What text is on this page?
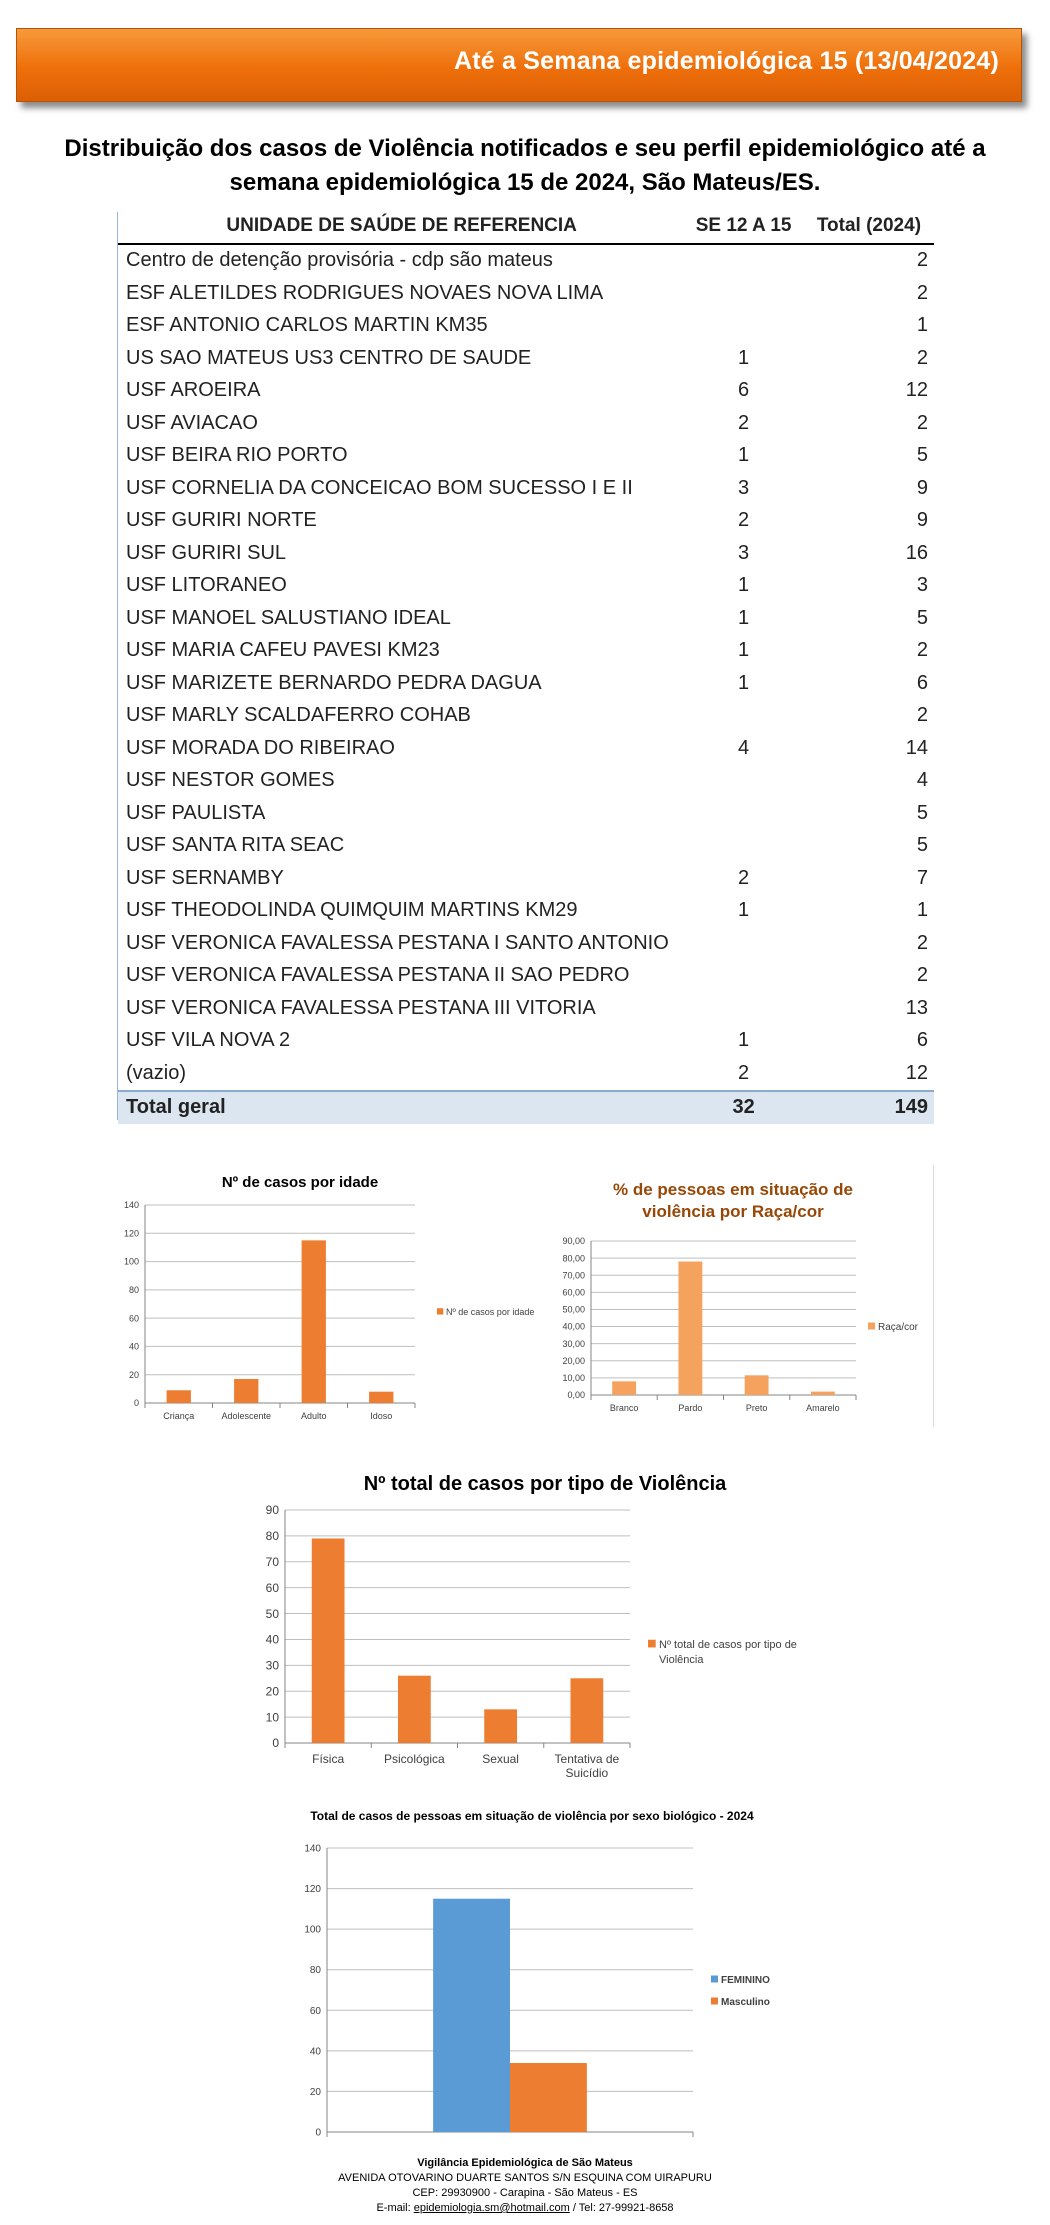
Até a Semana epidemiológica 15 (13/04/2024)
Distribuição dos casos de Violência notificados e seu perfil epidemiológico até a semana epidemiológica 15 de 2024, São Mateus/ES.
UNIDADE DE SAÚDE DE REFERENCIA	SE 12 A 15	Total (2024)
Centro de detenção provisória - cdp são mateus		2
ESF ALETILDES RODRIGUES NOVAES NOVA LIMA		2
ESF ANTONIO CARLOS MARTIN KM35		1
US SAO MATEUS US3 CENTRO DE SAUDE	1	2
USF AROEIRA	6	12
USF AVIACAO	2	2
USF BEIRA RIO PORTO	1	5
USF CORNELIA DA CONCEICAO BOM SUCESSO I E II	3	9
USF GURIRI NORTE	2	9
USF GURIRI SUL	3	16
USF LITORANEO	1	3
USF MANOEL SALUSTIANO IDEAL	1	5
USF MARIA CAFEU PAVESI KM23	1	2
USF MARIZETE BERNARDO PEDRA DAGUA	1	6
USF MARLY SCALDAFERRO COHAB		2
USF MORADA DO RIBEIRAO	4	14
USF NESTOR GOMES		4
USF PAULISTA		5
USF SANTA RITA SEAC		5
USF SERNAMBY	2	7
USF THEODOLINDA QUIMQUIM MARTINS KM29	1	1
USF VERONICA FAVALESSA PESTANA I SANTO ANTONIO		2
USF VERONICA FAVALESSA PESTANA II SAO PEDRO		2
USF VERONICA FAVALESSA PESTANA III VITORIA		13
USF VILA NOVA 2	1	6
(vazio)	2	12
Total geral	32	149
Nº de casos por idade
0
20
40
60
80
100
120
140
Criança	Adolescente	Adulto	Idoso
Nº de casos por idade
% de pessoas em situação de violência por Raça/cor
0,00
10,00
20,00
30,00
40,00
50,00
60,00
70,00
80,00
90,00
Branco	Pardo	Preto	Amarelo
Raça/cor
Nº total de casos por tipo de Violência
0
10
20
30
40
50
60
70
80
90
Física	Psicológica	Sexual	Tentativa de Suicídio
Nº total de casos por tipo de Violência
Total de casos de pessoas em situação de violência por sexo biológico - 2024
0
20
40
60
80
100
120
140
FEMININO
Masculino
Vigilância Epidemiológica de São Mateus
AVENIDA OTOVARINO DUARTE SANTOS S/N ESQUINA COM UIRAPURU
CEP: 29930900 - Carapina - São Mateus - ES
E-mail: epidemiologia.sm@hotmail.com / Tel: 27-99921-8658
